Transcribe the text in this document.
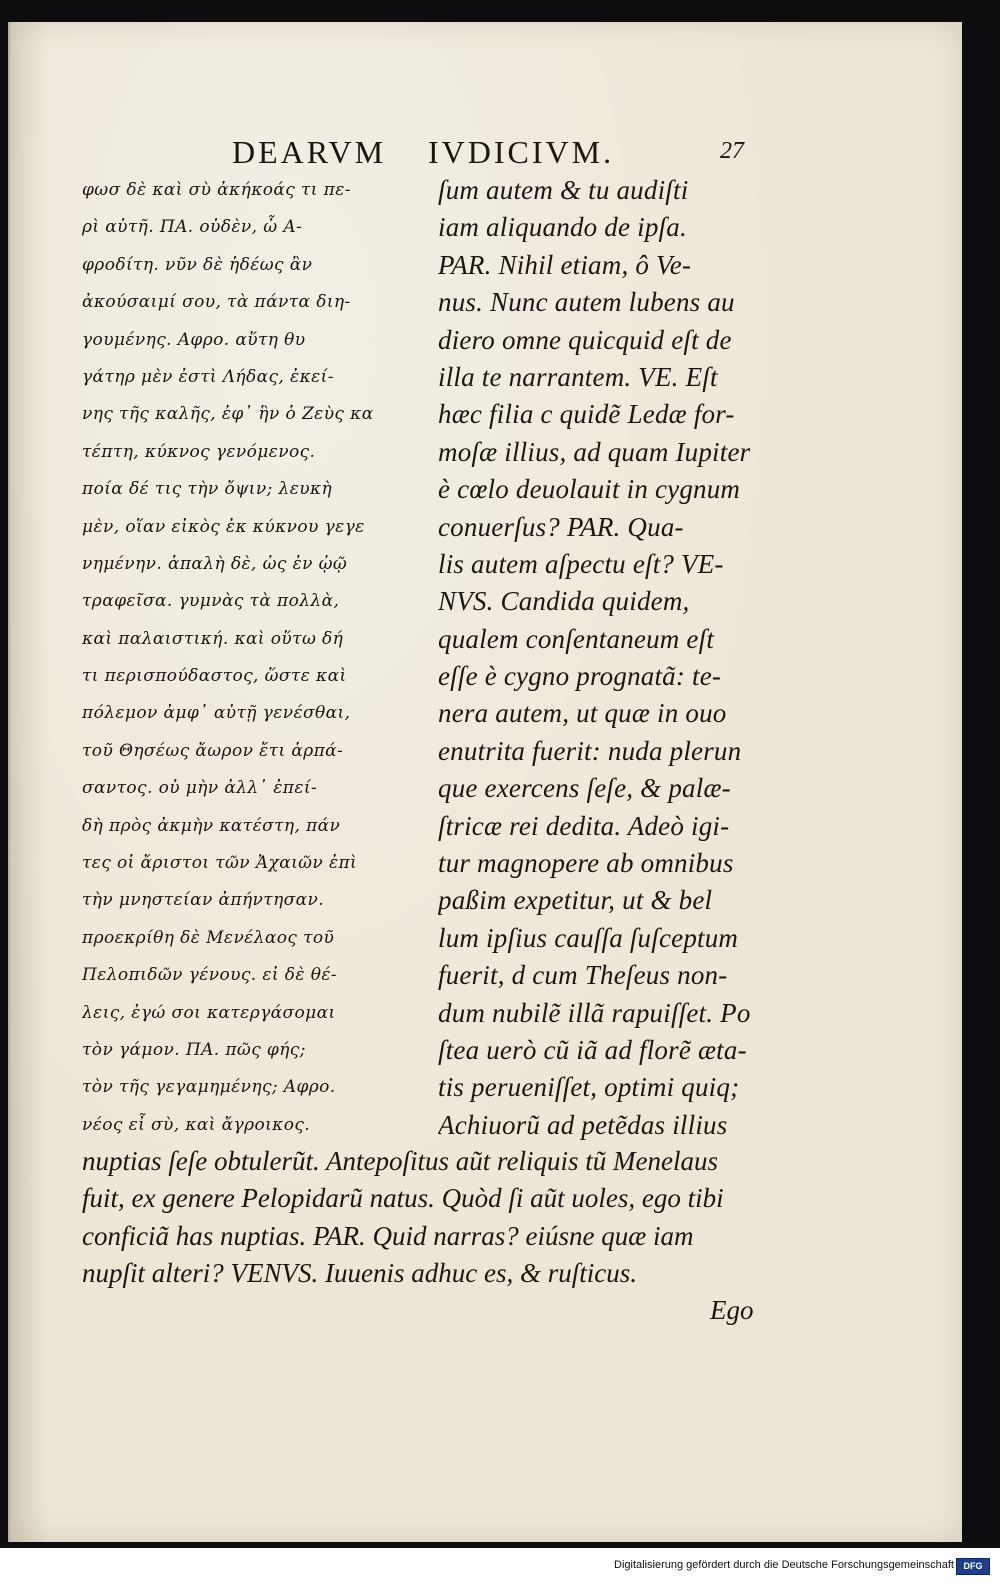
DEARVM IVDICIVM.	27
φωσ δὲ καὶ σὺ ἀκήκοάς τι πε-
ρὶ αὐτῆ. ΠΑ. οὐδὲν, ὦ Α-
φροδίτη. νῦν δὲ ἡδέως ἂν
ἀκούσαιμί σου, τὰ πάντα διη-
γουμένης. Αφρο. αὕτη θυ
γάτηρ μὲν ἐστὶ Λήδας, ἐκεί-
νης τῆς καλῆς, ἐφ᾿ ἣν ὁ Ζεὺς κα
τέπτη, κύκνος γενόμενος.
ποία δέ τις τὴν ὄψιν; λευκὴ
μὲν, οἵαν εἰκὸς ἐκ κύκνου γεγε
νημένην. ἁπαλὴ δὲ, ὡς ἐν ᾠῷ
τραφεῖσα. γυμνὰς τὰ πολλὰ,
καὶ παλαιστική. καὶ οὕτω δή
τι περισπούδαστος, ὥστε καὶ
πόλεμον ἀμφ᾿ αὐτῇ γενέσθαι,
τοῦ Θησέως ἄωρον ἔτι ἁρπά-
σαντος. οὐ μὴν ἀλλ᾿ ἐπεί-
δὴ πρὸς ἀκμὴν κατέστη, πάν
τες οἱ ἄριστοι τῶν Ἀχαιῶν ἐπὶ
τὴν μνηστείαν ἀπήντησαν.
προεκρίθη δὲ Μενέλαος τοῦ
Πελοπιδῶν γένους. εἰ δὲ θέ-
λεις, ἐγώ σοι κατεργάσομαι
τὸν γάμον. ΠΑ. πῶς φής;
τὸν τῆς γεγαμημένης; Αφρο.
νέος εἶ σὺ, καὶ ἄγροικος.
ſum autem & tu audiſti
iam aliquando de ipſa.
PAR. Nihil etiam, ô Ve-
nus. Nunc autem lubens au
diero omne quicquid eſt de
illa te narrantem. VE. Eſt
hæc filia c quidẽ Ledæ for-
moſæ illius, ad quam Iupiter
è cœlo deuolauit in cygnum
conuerſus? PAR. Qua-
lis autem aſpectu eſt? VE-
NVS. Candida quidem,
qualem conſentaneum eſt
eſſe è cygno prognatã: te-
nera autem, ut quæ in ouo
enutrita fuerit: nuda plerun
que exercens ſeſe, & palæ-
ſtricæ rei dedita. Adeò igi-
tur magnopere ab omnibus
paßim expetitur, ut & bel
lum ipſius cauſſa ſuſceptum
fuerit, d cum Theſeus non-
dum nubilẽ illã rapuiſſet. Po
ſtea uerò cũ iã ad florẽ ætа-
tis perueniſſet, optimi quiq;
Achiuorũ ad petẽdas illius
nuptias ſeſe obtulerũt. Antepoſitus aũt reliquis tũ Menelaus
fuit, ex genere Pelopidarũ natus. Quòd ſi aũt uoles, ego tibi
conficiã has nuptias. PAR. Quid narras? eiúsne quæ iam
nupſit alteri? VENVS. Iuuenis adhuc es, & ruſticus.
Ego
Digitalisierung gefördert durch die Deutsche Forschungsgemeinschaft	DFG
